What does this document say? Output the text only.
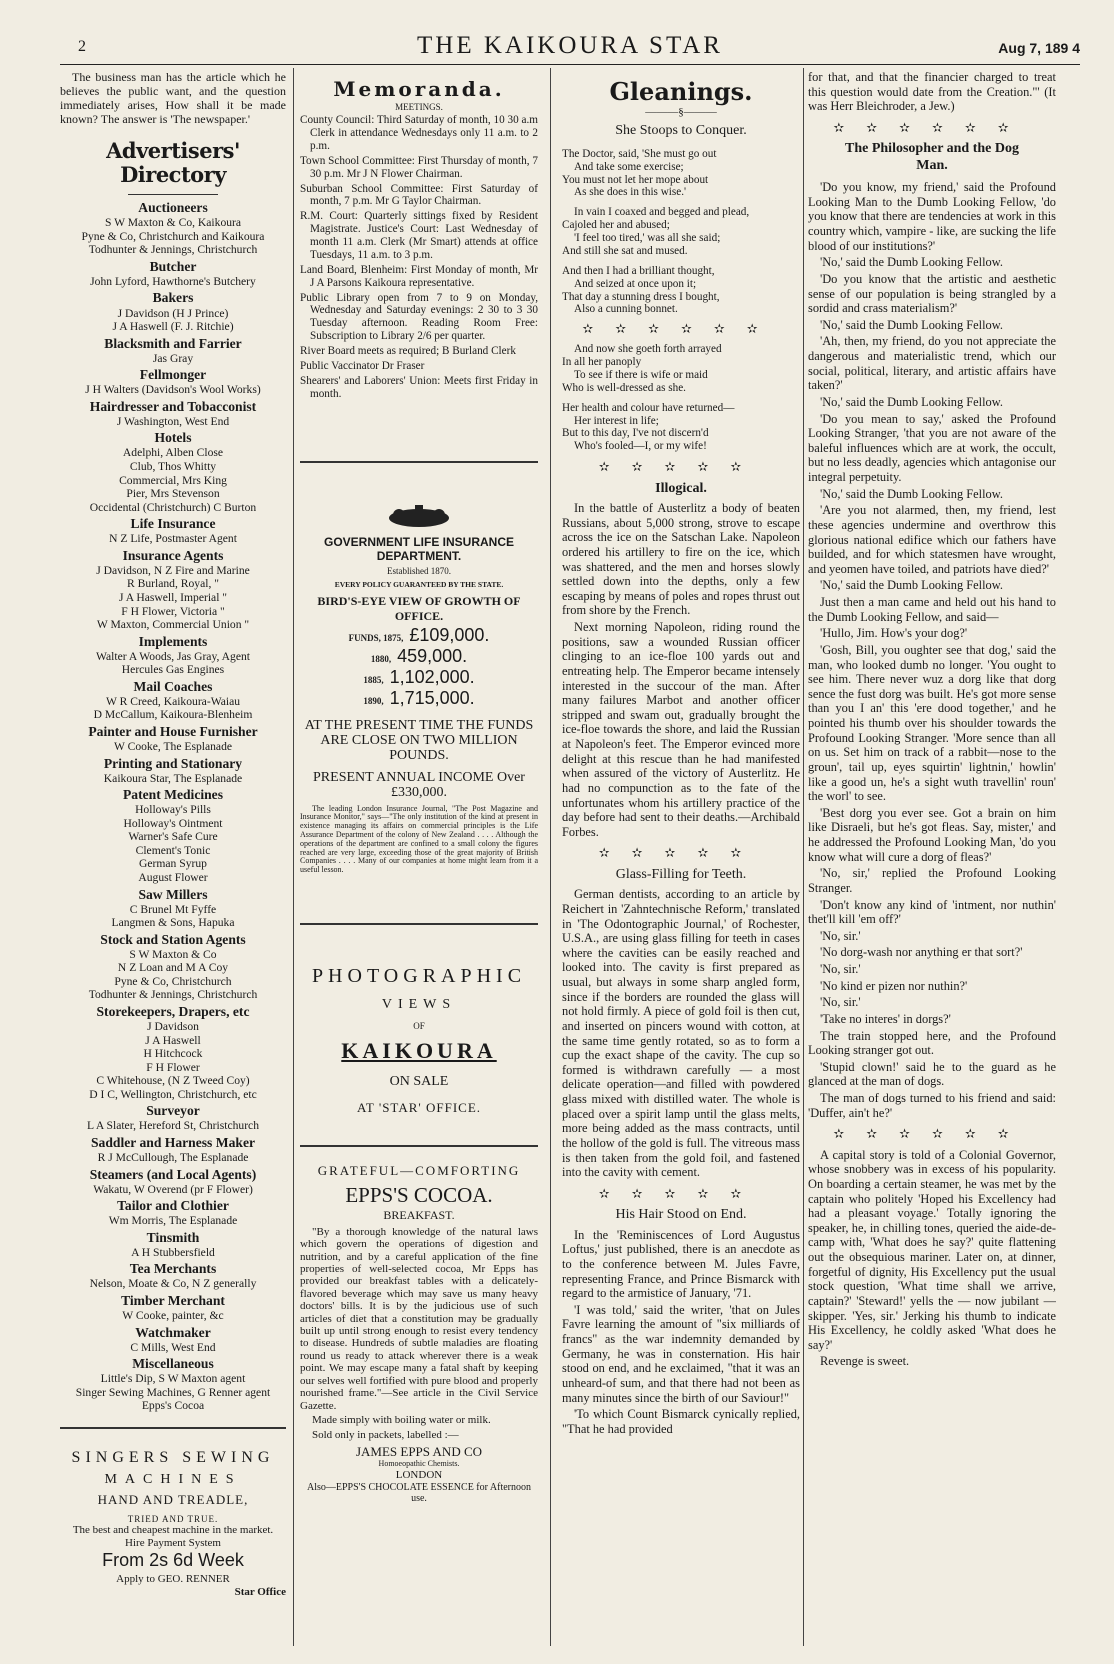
2	THE KAIKOURA STAR	Aug 7, 189 4

The business man has the article which he believes the public want, and the question immediately arises, How shall it be made known? The answer is 'The newspaper.'

Advertisers' Directory
Auctioneers
S W Maxton & Co, Kaikoura
Pyne & Co, Christchurch and Kaikoura
Todhunter & Jennings, Christchurch
Butcher
John Lyford, Hawthorne's Butchery
Bakers
J Davidson (H J Prince)
J A Haswell (F. J. Ritchie)
Blacksmith and Farrier
Jas Gray
Fellmonger
J H Walters (Davidson's Wool Works)
Hairdresser and Tobacconist
J Washington, West End
Hotels
Adelphi, Alben Close
Club, Thos Whitty
Commercial, Mrs King
Pier, Mrs Stevenson
Occidental (Christchurch) C Burton
Life Insurance
N Z Life, Postmaster Agent
Insurance Agents
J Davidson, N Z Fire and Marine
R Burland, Royal, "
J A Haswell, Imperial "
F H Flower, Victoria "
W Maxton, Commercial Union "
Implements
Walter A Woods, Jas Gray, Agent
Hercules Gas Engines
Mail Coaches
W R Creed, Kaikoura-Waiau
D McCallum, Kaikoura-Blenheim
Painter and House Furnisher
W Cooke, The Esplanade
Printing and Stationary
Kaikoura Star, The Esplanade
Patent Medicines
Holloway's Pills
Holloway's Ointment
Warner's Safe Cure
Clement's Tonic
German Syrup
August Flower
Saw Millers
C Brunel Mt Fyffe
Langmen & Sons, Hapuka
Stock and Station Agents
S W Maxton & Co
N Z Loan and M A Coy
Pyne & Co, Christchurch
Todhunter & Jennings, Christchurch
Storekeepers, Drapers, etc
J Davidson
J A Haswell
H Hitchcock
F H Flower
C Whitehouse, (N Z Tweed Coy)
D I C, Wellington, Christchurch, etc
Surveyor
L A Slater, Hereford St, Christchurch
Saddler and Harness Maker
R J McCullough, The Esplanade
Steamers (and Local Agents)
Wakatu, W Overend (pr F Flower)
Tailor and Clothier
Wm Morris, The Esplanade
Tinsmith
A H Stubbersfield
Tea Merchants
Nelson, Moate & Co, N Z generally
Timber Merchant
W Cooke, painter, &c
Watchmaker
C Mills, West End
Miscellaneous
Little's Dip, S W Maxton agent
Singer Sewing Machines, G Renner agent
Epps's Cocoa
SINGERS SEWING
MACHINES
HAND AND TREADLE,
TRIED AND TRUE.
The best and cheapest machine in the market.
Hire Payment System
From 2s 6d Week
Apply to GEO. RENNER
Star Office
Memoranda.
MEETINGS.

County Council: Third Saturday of month, 10 30 a.m Clerk in attendance Wednesdays only 11 a.m. to 2 p.m.

Town School Committee: First Thursday of month, 7 30 p.m. Mr J N Flower Chairman.

Suburban School Committee: First Saturday of month, 7 p.m. Mr G Taylor Chairman.

R.M. Court: Quarterly sittings fixed by Resident Magistrate. Justice's Court: Last Wednesday of month 11 a.m. Clerk (Mr Smart) attends at office Tuesdays, 11 a.m. to 3 p.m.

Land Board, Blenheim: First Monday of month, Mr J A Parsons Kaikoura representative.

Public Library open from 7 to 9 on Monday, Wednesday and Saturday evenings: 2 30 to 3 30 Tuesday afternoon. Reading Room Free: Subscription to Library 2/6 per quarter.

River Board meets as required; B Burland Clerk

Public Vaccinator Dr Fraser

Shearers' and Laborers' Union: Meets first Friday in month.

GOVERNMENT LIFE INSURANCE DEPARTMENT.
Established 1870.
EVERY POLICY GUARANTEED BY THE STATE.
BIRD'S-EYE VIEW OF GROWTH OF OFFICE.
FUNDS, 1875, £109,000.
1880, 459,000.
1885, 1,102,000.
1890, 1,715,000.
AT THE PRESENT TIME THE FUNDS ARE CLOSE ON TWO MILLION POUNDS.
PRESENT ANNUAL INCOME Over £330,000.

The leading London Insurance Journal, "The Post Magazine and Insurance Monitor," says—"The only institution of the kind at present in existence managing its affairs on commercial principles is the Life Assurance Department of the colony of New Zealand . . . . Although the operations of the department are confined to a small colony the figures reached are very large, exceeding those of the great majority of British Companies . . . . Many of our companies at home might learn from it a useful lesson.

PHOTOGRAPHIC
VIEWS
OF
KAIKOURA
ON SALE
AT 'STAR' OFFICE.
GRATEFUL—COMFORTING
EPPS'S COCOA.
BREAKFAST.

"By a thorough knowledge of the natural laws which govern the operations of digestion and nutrition, and by a careful application of the fine properties of well-selected cocoa, Mr Epps has provided our breakfast tables with a delicately-flavored beverage which may save us many heavy doctors' bills. It is by the judicious use of such articles of diet that a constitution may be gradually built up until strong enough to resist every tendency to disease. Hundreds of subtle maladies are floating round us ready to attack wherever there is a weak point. We may escape many a fatal shaft by keeping our selves well fortified with pure blood and properly nourished frame."—See article in the Civil Service Gazette.

Made simply with boiling water or milk.

Sold only in packets, labelled :—

JAMES EPPS AND CO
Homoeopathic Chemists.
LONDON
Also—EPPS'S CHOCOLATE ESSENCE for Afternoon use.
Gleanings.
———§———
She Stoops to Conquer.
The Doctor, said, 'She must go out
And take some exercise;
You must not let her mope about
As she does in this wise.'
In vain I coaxed and begged and plead,
Cajoled her and abused;
'I feel too tired,' was all she said;
And still she sat and mused.
And then I had a brilliant thought,
And seized at once upon it;
That day a stunning dress I bought,
Also a cunning bonnet.
✫✫✫✫✫✫
And now she goeth forth arrayed
In all her panoply
To see if there is wife or maid
Who is well-dressed as she.
Her health and colour have returned—
Her interest in life;
But to this day, I've not discern'd
Who's fooled—I, or my wife!
✫✫✫✫✫
Illogical.

In the battle of Austerlitz a body of beaten Russians, about 5,000 strong, strove to escape across the ice on the Satschan Lake. Napoleon ordered his artillery to fire on the ice, which was shattered, and the men and horses slowly settled down into the depths, only a few escaping by means of poles and ropes thrust out from shore by the French.

Next morning Napoleon, riding round the positions, saw a wounded Russian officer clinging to an ice-floe 100 yards out and entreating help. The Emperor became intensely interested in the succour of the man. After many failures Marbot and another officer stripped and swam out, gradually brought the ice-floe towards the shore, and laid the Russian at Napoleon's feet. The Emperor evinced more delight at this rescue than he had manifested when assured of the victory of Austerlitz. He had no compunction as to the fate of the unfortunates whom his artillery practice of the day before had sent to their deaths.—Archibald Forbes.

✫✫✫✫✫
Glass-Filling for Teeth.

German dentists, according to an article by Reichert in 'Zahntechnische Reform,' translated in 'The Odontographic Journal,' of Rochester, U.S.A., are using glass filling for teeth in cases where the cavities can be easily reached and looked into. The cavity is first prepared as usual, but always in some sharp angled form, since if the borders are rounded the glass will not hold firmly. A piece of gold foil is then cut, and inserted on pincers wound with cotton, at the same time gently rotated, so as to form a cup the exact shape of the cavity. The cup so formed is withdrawn carefully — a most delicate operation—and filled with powdered glass mixed with distilled water. The whole is placed over a spirit lamp until the glass melts, more being added as the mass contracts, until the hollow of the gold is full. The vitreous mass is then taken from the gold foil, and fastened into the cavity with cement.

✫✫✫✫✫
His Hair Stood on End.

In the 'Reminiscences of Lord Augustus Loftus,' just published, there is an anecdote as to the conference between M. Jules Favre, representing France, and Prince Bismarck with regard to the armistice of January, '71.

'I was told,' said the writer, 'that on Jules Favre learning the amount of "six milliards of francs" as the war indemnity demanded by Germany, he was in consternation. His hair stood on end, and he exclaimed, "that it was an unheard-of sum, and that there had not been as many minutes since the birth of our Saviour!"

'To which Count Bismarck cynically replied, "That he had provided

for that, and that the financier charged to treat this question would date from the Creation."' (It was Herr Bleichroder, a Jew.)

✫✫✫✫✫✫
The Philosopher and the Dog Man.

'Do you know, my friend,' said the Profound Looking Man to the Dumb Looking Fellow, 'do you know that there are tendencies at work in this country which, vampire - like, are sucking the life blood of our institutions?'

'No,' said the Dumb Looking Fellow.

'Do you know that the artistic and aesthetic sense of our population is being strangled by a sordid and crass materialism?'

'No,' said the Dumb Looking Fellow.

'Ah, then, my friend, do you not appreciate the dangerous and materialistic trend, which our social, political, literary, and artistic affairs have taken?'

'No,' said the Dumb Looking Fellow.

'Do you mean to say,' asked the Profound Looking Stranger, 'that you are not aware of the baleful influences which are at work, the occult, but no less deadly, agencies which antagonise our integral perpetuity.

'No,' said the Dumb Looking Fellow.

'Are you not alarmed, then, my friend, lest these agencies undermine and overthrow this glorious national edifice which our fathers have builded, and for which statesmen have wrought, and yeomen have toiled, and patriots have died?'

'No,' said the Dumb Looking Fellow.

Just then a man came and held out his hand to the Dumb Looking Fellow, and said—

'Hullo, Jim. How's your dog?'

'Gosh, Bill, you oughter see that dog,' said the man, who looked dumb no longer. 'You ought to see him. There never wuz a dorg like that dorg sence the fust dorg was built. He's got more sense than you I an' this 'ere dood together,' and he pointed his thumb over his shoulder towards the Profound Looking Stranger. 'More sence than all on us. Set him on track of a rabbit—nose to the groun', tail up, eyes squirtin' lightnin,' howlin' like a good un, he's a sight wuth travellin' roun' the worl' to see.

'Best dorg you ever see. Got a brain on him like Disraeli, but he's got fleas. Say, mister,' and he addressed the Profound Looking Man, 'do you know what will cure a dorg of fleas?'

'No, sir,' replied the Profound Looking Stranger.

'Don't know any kind of 'intment, nor nuthin' thet'll kill 'em off?'

'No, sir.'

'No dorg-wash nor anything er that sort?'

'No, sir.'

'No kind er pizen nor nuthin?'

'No, sir.'

'Take no interes' in dorgs?'

The train stopped here, and the Profound Looking stranger got out.

'Stupid clown!' said he to the guard as he glanced at the man of dogs.

The man of dogs turned to his friend and said: 'Duffer, ain't he?'

✫✫✫✫✫✫

A capital story is told of a Colonial Governor, whose snobbery was in excess of his popularity. On boarding a certain steamer, he was met by the captain who politely 'Hoped his Excellency had had a pleasant voyage.' Totally ignoring the speaker, he, in chilling tones, queried the aide-de-camp with, 'What does he say?' quite flattening out the obsequious mariner. Later on, at dinner, forgetful of dignity, His Excellency put the usual stock question, 'What time shall we arrive, captain?' 'Steward!' yells the — now jubilant — skipper. 'Yes, sir.' Jerking his thumb to indicate His Excellency, he coldly asked 'What does he say?'

Revenge is sweet.
